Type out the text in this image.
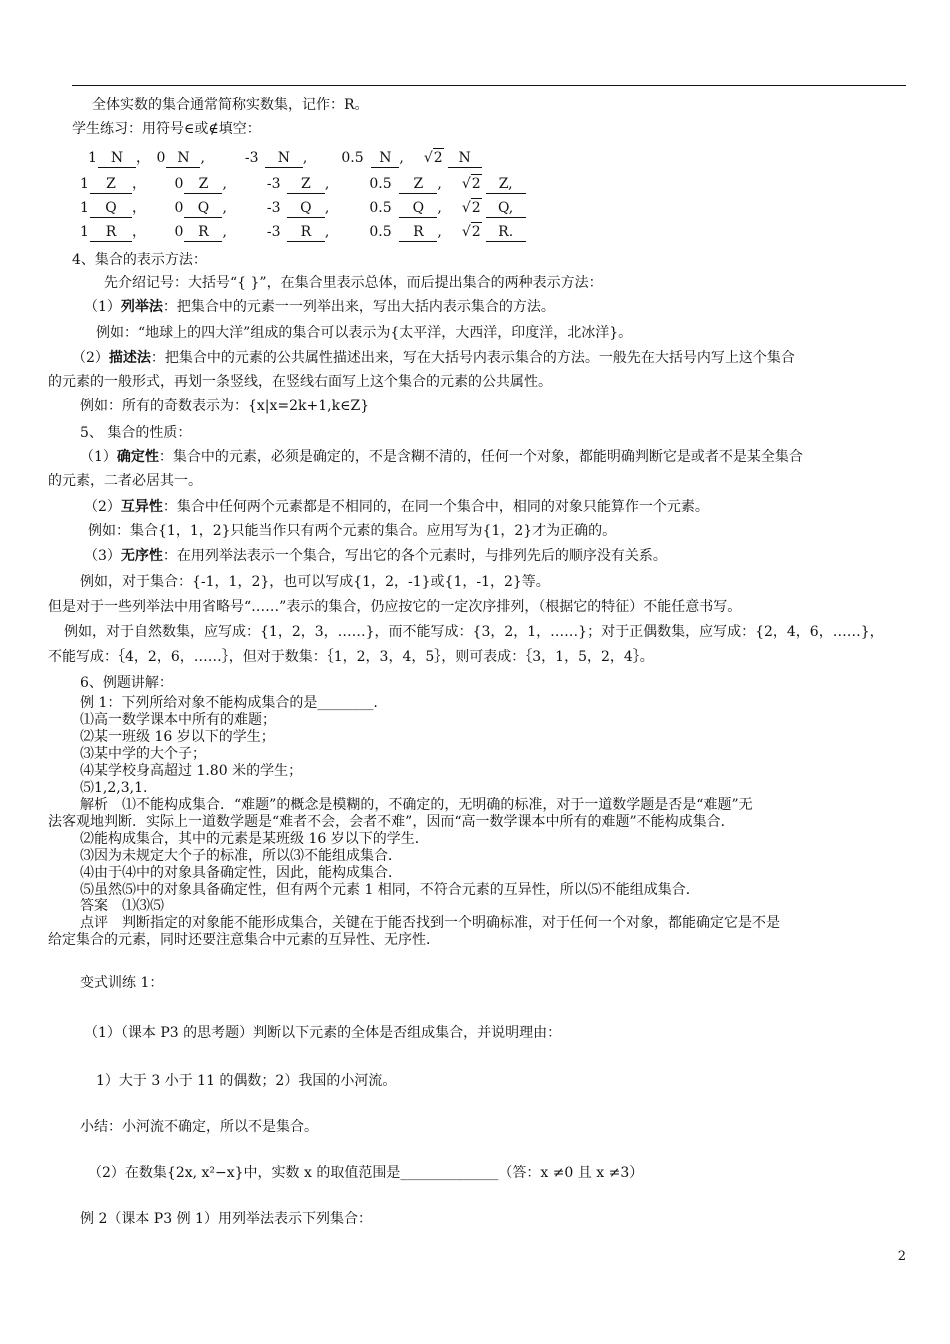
全体实数的集合通常简称实数集，记作：R。
学生练习：用符号∈或∉填空：
1 N ， 0 N ,	-3 N , 0.5 N , √2 N
1 Z ， 0 Z ,	-3 Z ,	0.5 Z , √2 Z,
1 Q ， 0 Q ,	-3 Q ,	0.5 Q , √2 Q,
1 R ， 0 R ,	-3 R ,	0.5 R , √2 R.
4、集合的表示方法：
先介绍记号：大括号“{ }”，在集合里表示总体，而后提出集合的两种表示方法：
（1）列举法：把集合中的元素一一列举出来，写出大括内表示集合的方法。
例如：“地球上的四大洋”组成的集合可以表示为{太平洋，大西洋，印度洋，北冰洋}。
（2）描述法：把集合中的元素的公共属性描述出来，写在大括号内表示集合的方法。一般先在大括号内写上这个集合
的元素的一般形式，再划一条竖线，在竖线右面写上这个集合的元素的公共属性。
例如：所有的奇数表示为：{x|x=2k+1,k∈Z}
5、 集合的性质：
（1）确定性：集合中的元素，必须是确定的，不是含糊不清的，任何一个对象，都能明确判断它是或者不是某全集合
的元素，二者必居其一。
（2）互异性：集合中任何两个元素都是不相同的，在同一个集合中，相同的对象只能算作一个元素。
例如：集合{1，1，2}只能当作只有两个元素的集合。应用写为{1，2}才为正确的。
（3）无序性：在用列举法表示一个集合，写出它的各个元素时，与排列先后的顺序没有关系。
例如，对于集合：{-1，1，2}，也可以写成{1，2，-1}或{1，-1，2}等。
但是对于一些列举法中用省略号“……”表示的集合，仍应按它的一定次序排列，（根据它的特征）不能任意书写。
例如，对于自然数集，应写成：{1，2，3，……}，而不能写成：{3，2，1，……}；对于正偶数集，应写成：{2，4，6，……}，
不能写成：｛4，2，6，……｝，但对于数集：｛1，2，3，4，5｝，则可表成：｛3，1，5，2，4｝。
6、例题讲解：
例 1：下列所给对象不能构成集合的是________.
⑴高一数学课本中所有的难题；
⑵某一班级 16 岁以下的学生；
⑶某中学的大个子；
⑷某学校身高超过 1.80 米的学生；
⑸1,2,3,1.
解析　⑴不能构成集合．“难题”的概念是模糊的，不确定的，无明确的标准，对于一道数学题是否是“难题”无
法客观地判断．实际上一道数学题是“难者不会，会者不难”，因而“高一数学课本中所有的难题”不能构成集合．
⑵能构成集合，其中的元素是某班级 16 岁以下的学生．
⑶因为未规定大个子的标准，所以⑶不能组成集合．
⑷由于⑷中的对象具备确定性，因此，能构成集合．
⑸虽然⑸中的对象具备确定性，但有两个元素 1 相同，不符合元素的互异性，所以⑸不能组成集合．
答案　⑴⑶⑸
点评　判断指定的对象能不能形成集合，关键在于能否找到一个明确标准，对于任何一个对象，都能确定它是不是
给定集合的元素，同时还要注意集合中元素的互异性、无序性．
变式训练 1：
（1）（课本 P3 的思考题）判断以下元素的全体是否组成集合，并说明理由：
1）大于 3 小于 11 的偶数；2）我国的小河流。
小结：小河流不确定，所以不是集合。
（2）在数集{2x, x²−x}中，实数 x 的取值范围是______________（答：x ≠0 且 x ≠3）
例 2（课本 P3 例 1）用列举法表示下列集合：
2
